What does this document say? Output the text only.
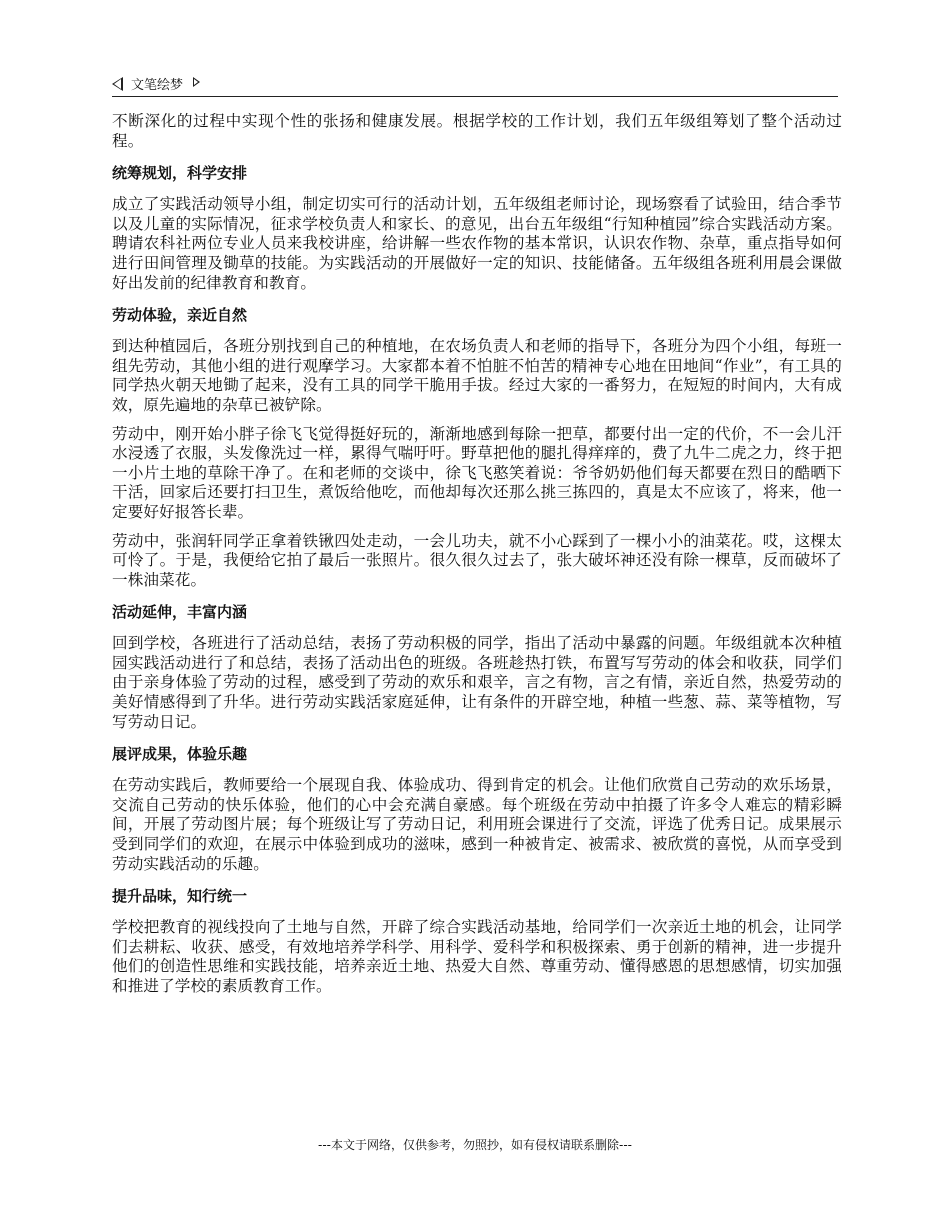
文笔绘梦

不断深化的过程中实现个性的张扬和健康发展。根据学校的工作计划，我们五年级组筹划了整个活动过程。

统筹规划，科学安排

成立了实践活动领导小组，制定切实可行的活动计划，五年级组老师讨论，现场察看了试验田，结合季节以及儿童的实际情况，征求学校负责人和家长、的意见，出台五年级组“行知种植园”综合实践活动方案。聘请农科社两位专业人员来我校讲座，给讲解一些农作物的基本常识，认识农作物、杂草，重点指导如何进行田间管理及锄草的技能。为实践活动的开展做好一定的知识、技能储备。五年级组各班利用晨会课做好出发前的纪律教育和教育。

劳动体验，亲近自然

到达种植园后，各班分别找到自己的种植地，在农场负责人和老师的指导下，各班分为四个小组，每班一组先劳动，其他小组的进行观摩学习。大家都本着不怕脏不怕苦的精神专心地在田地间“作业”，有工具的同学热火朝天地锄了起来，没有工具的同学干脆用手拔。经过大家的一番努力，在短短的时间内，大有成效，原先遍地的杂草已被铲除。

劳动中，刚开始小胖子徐飞飞觉得挺好玩的，渐渐地感到每除一把草，都要付出一定的代价，不一会儿汗水浸透了衣服，头发像洗过一样，累得气喘吁吁。野草把他的腿扎得痒痒的，费了九牛二虎之力，终于把一小片土地的草除干净了。在和老师的交谈中，徐飞飞憨笑着说：爷爷奶奶他们每天都要在烈日的酷晒下干活，回家后还要打扫卫生，煮饭给他吃，而他却每次还那么挑三拣四的，真是太不应该了，将来，他一定要好好报答长辈。

劳动中，张润轩同学正拿着铁锹四处走动，一会儿功夫，就不小心踩到了一棵小小的油菜花。哎，这棵太可怜了。于是，我便给它拍了最后一张照片。很久很久过去了，张大破坏神还没有除一棵草，反而破坏了一株油菜花。

活动延伸，丰富内涵

回到学校，各班进行了活动总结，表扬了劳动积极的同学，指出了活动中暴露的问题。年级组就本次种植园实践活动进行了和总结，表扬了活动出色的班级。各班趁热打铁，布置写写劳动的体会和收获，同学们由于亲身体验了劳动的过程，感受到了劳动的欢乐和艰辛，言之有物，言之有情，亲近自然，热爱劳动的美好情感得到了升华。进行劳动实践活家庭延伸，让有条件的开辟空地，种植一些葱、蒜、菜等植物，写写劳动日记。

展评成果，体验乐趣

在劳动实践后，教师要给一个展现自我、体验成功、得到肯定的机会。让他们欣赏自己劳动的欢乐场景，交流自己劳动的快乐体验，他们的心中会充满自豪感。每个班级在劳动中拍摄了许多令人难忘的精彩瞬间，开展了劳动图片展；每个班级让写了劳动日记，利用班会课进行了交流，评选了优秀日记。成果展示受到同学们的欢迎，在展示中体验到成功的滋味，感到一种被肯定、被需求、被欣赏的喜悦，从而享受到劳动实践活动的乐趣。

提升品味，知行统一

学校把教育的视线投向了土地与自然，开辟了综合实践活动基地，给同学们一次亲近土地的机会，让同学们去耕耘、收获、感受，有效地培养学科学、用科学、爱科学和积极探索、勇于创新的精神，进一步提升他们的创造性思维和实践技能，培养亲近土地、热爱大自然、尊重劳动、懂得感恩的思想感情，切实加强和推进了学校的素质教育工作。

---本文于网络，仅供参考，勿照抄，如有侵权请联系删除---
